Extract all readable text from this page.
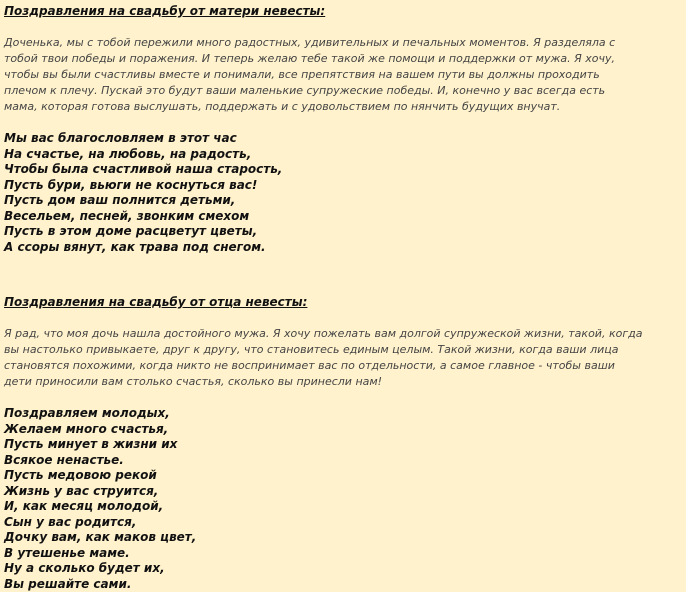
Поздравления на свадьбу от матери невесты:

Доченька, мы с тобой пережили много радостных, удивительных и печальных моментов. Я разделяла с
тобой твои победы и поражения. И теперь желаю тебе такой же помощи и поддержки от мужа. Я хочу,
чтобы вы были счастливы вместе и понимали, все препятствия на вашем пути вы должны проходить
плечом к плечу. Пускай это будут ваши маленькие супружеские победы. И, конечно у вас всегда есть
мама, которая готова выслушать, поддержать и с удовольствием по нянчить будущих внучат.

Мы вас благословляем в этот час
На счастье, на любовь, на радость,
Чтобы была счастливой наша старость,
Пусть бури, вьюги не коснуться вас!
Пусть дом ваш полнится детьми,
Весельем, песней, звонким смехом
Пусть в этом доме расцветут цветы,
А ссоры вянут, как трава под снегом.

Поздравления на свадьбу от отца невесты:

Я рад, что моя дочь нашла достойного мужа. Я хочу пожелать вам долгой супружеской жизни, такой, когда
вы настолько привыкаете, друг к другу, что становитесь единым целым. Такой жизни, когда ваши лица
становятся похожими, когда никто не воспринимает вас по отдельности, а самое главное - чтобы ваши
дети приносили вам столько счастья, сколько вы принесли нам!

Поздравляем молодых,
Желаем много счастья,
Пусть минует в жизни их
Всякое ненастье.
Пусть медовою рекой
Жизнь у вас струится,
И, как месяц молодой,
Сын у вас родится,
Дочку вам, как маков цвет,
В утешенье маме.
Ну а сколько будет их,
Вы решайте сами.
